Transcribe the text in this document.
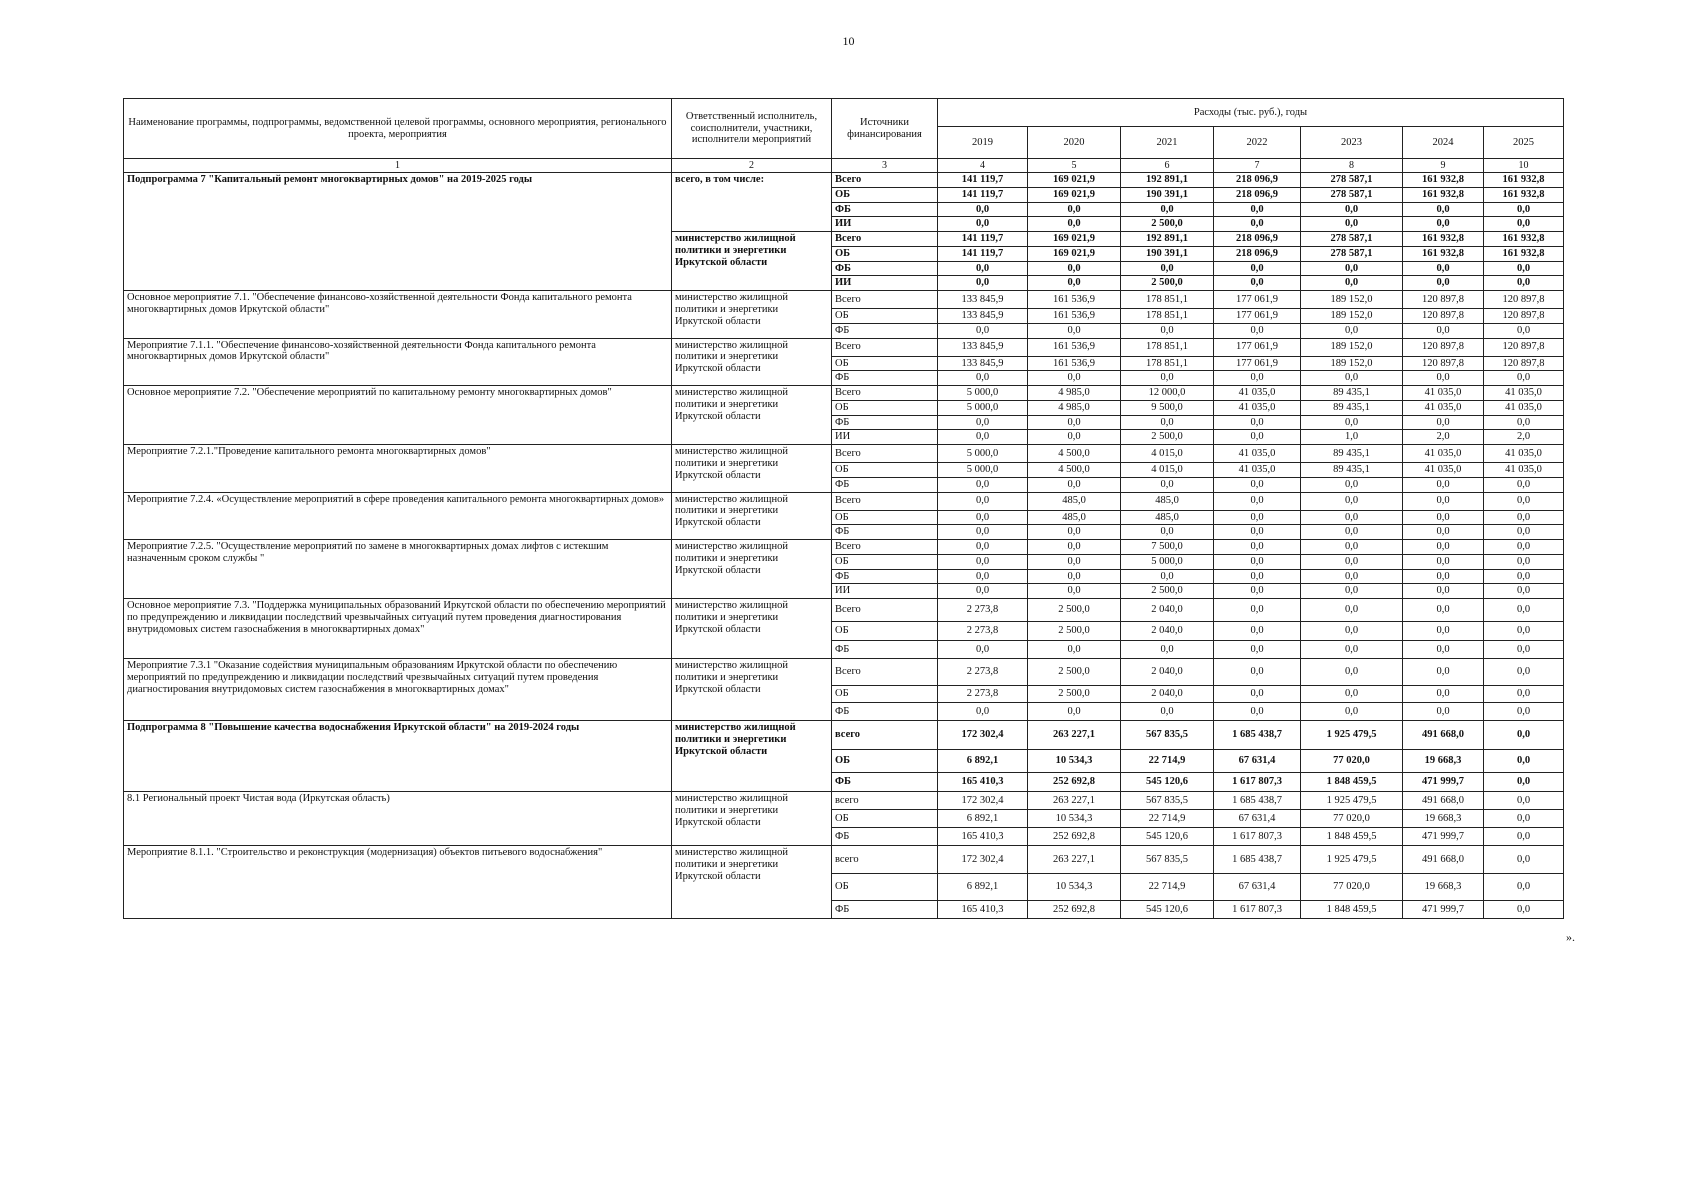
10
Наименование программы, подпрограммы, ведомственной целевой программы, основного мероприятия, регионального проекта, мероприятия	Ответственный исполнитель, соисполнители, участники, исполнители мероприятий	Источники финансирования	Расходы (тыс. руб.), годы						
			2019	2020	2021	2022	2023	2024	2025
1	2	3	4	5	6	7	8	9	10
Подпрограмма 7 "Капитальный ремонт многоквартирных домов" на 2019-2025 годы	всего, в том числе:	Всего	141 119,7	169 021,9	192 891,1	218 096,9	278 587,1	161 932,8	161 932,8
		ОБ	141 119,7	169 021,9	190 391,1	218 096,9	278 587,1	161 932,8	161 932,8
		ФБ	0,0	0,0	0,0	0,0	0,0	0,0	0,0
		ИИ	0,0	0,0	2 500,0	0,0	0,0	0,0	0,0
	министерство жилищной политики и энергетики Иркутской области	Всего	141 119,7	169 021,9	192 891,1	218 096,9	278 587,1	161 932,8	161 932,8
		ОБ	141 119,7	169 021,9	190 391,1	218 096,9	278 587,1	161 932,8	161 932,8
		ФБ	0,0	0,0	0,0	0,0	0,0	0,0	0,0
		ИИ	0,0	0,0	2 500,0	0,0	0,0	0,0	0,0
Основное мероприятие 7.1. "Обеспечение финансово-хозяйственной деятельности Фонда капитального ремонта многоквартирных домов Иркутской области"	министерство жилищной политики и энергетики Иркутской области	Всего	133 845,9	161 536,9	178 851,1	177 061,9	189 152,0	120 897,8	120 897,8
		ОБ	133 845,9	161 536,9	178 851,1	177 061,9	189 152,0	120 897,8	120 897,8
		ФБ	0,0	0,0	0,0	0,0	0,0	0,0	0,0
Мероприятие 7.1.1. "Обеспечение финансово-хозяйственной деятельности Фонда капитального ремонта многоквартирных домов Иркутской области"	министерство жилищной политики и энергетики Иркутской области	Всего	133 845,9	161 536,9	178 851,1	177 061,9	189 152,0	120 897,8	120 897,8
		ОБ	133 845,9	161 536,9	178 851,1	177 061,9	189 152,0	120 897,8	120 897,8
		ФБ	0,0	0,0	0,0	0,0	0,0	0,0	0,0
Основное мероприятие 7.2. "Обеспечение мероприятий по капитальному ремонту многоквартирных домов"	министерство жилищной политики и энергетики Иркутской области	Всего	5 000,0	4 985,0	12 000,0	41 035,0	89 435,1	41 035,0	41 035,0
		ОБ	5 000,0	4 985,0	9 500,0	41 035,0	89 435,1	41 035,0	41 035,0
		ФБ	0,0	0,0	0,0	0,0	0,0	0,0	0,0
		ИИ	0,0	0,0	2 500,0	0,0	1,0	2,0	2,0
Мероприятие 7.2.1."Проведение капитального ремонта многоквартирных домов"	министерство жилищной политики и энергетики Иркутской области	Всего	5 000,0	4 500,0	4 015,0	41 035,0	89 435,1	41 035,0	41 035,0
		ОБ	5 000,0	4 500,0	4 015,0	41 035,0	89 435,1	41 035,0	41 035,0
		ФБ	0,0	0,0	0,0	0,0	0,0	0,0	0,0
Мероприятие 7.2.4. «Осуществление мероприятий в сфере проведения капитального ремонта многоквартирных домов»	министерство жилищной политики и энергетики Иркутской области	Всего	0,0	485,0	485,0	0,0	0,0	0,0	0,0
		ОБ	0,0	485,0	485,0	0,0	0,0	0,0	0,0
		ФБ	0,0	0,0	0,0	0,0	0,0	0,0	0,0
Мероприятие 7.2.5. "Осуществление мероприятий по замене в многоквартирных домах лифтов с истекшим назначенным сроком службы "	министерство жилищной политики и энергетики Иркутской области	Всего	0,0	0,0	7 500,0	0,0	0,0	0,0	0,0
		ОБ	0,0	0,0	5 000,0	0,0	0,0	0,0	0,0
		ФБ	0,0	0,0	0,0	0,0	0,0	0,0	0,0
		ИИ	0,0	0,0	2 500,0	0,0	0,0	0,0	0,0
Основное мероприятие 7.3. "Поддержка муниципальных образований Иркутской области по обеспечению мероприятий по предупреждению и ликвидации последствий чрезвычайных ситуаций путем проведения диагностирования внутридомовых систем газоснабжения в многоквартирных домах"	министерство жилищной политики и энергетики Иркутской области	Всего	2 273,8	2 500,0	2 040,0	0,0	0,0	0,0	0,0
		ОБ	2 273,8	2 500,0	2 040,0	0,0	0,0	0,0	0,0
		ФБ	0,0	0,0	0,0	0,0	0,0	0,0	0,0
Мероприятие 7.3.1 "Оказание содействия муниципальным образованиям Иркутской области по обеспечению мероприятий по предупреждению и ликвидации последствий чрезвычайных ситуаций путем проведения диагностирования внутридомовых систем газоснабжения в многоквартирных домах"	министерство жилищной политики и энергетики Иркутской области	Всего	2 273,8	2 500,0	2 040,0	0,0	0,0	0,0	0,0
		ОБ	2 273,8	2 500,0	2 040,0	0,0	0,0	0,0	0,0
		ФБ	0,0	0,0	0,0	0,0	0,0	0,0	0,0
Подпрограмма 8 "Повышение качества водоснабжения Иркутской области" на 2019-2024 годы	министерство жилищной политики и энергетики Иркутской области	всего	172 302,4	263 227,1	567 835,5	1 685 438,7	1 925 479,5	491 668,0	0,0
		ОБ	6 892,1	10 534,3	22 714,9	67 631,4	77 020,0	19 668,3	0,0
		ФБ	165 410,3	252 692,8	545 120,6	1 617 807,3	1 848 459,5	471 999,7	0,0
8.1 Региональный проект Чистая вода (Иркутская область)	министерство жилищной политики и энергетики Иркутской области	всего	172 302,4	263 227,1	567 835,5	1 685 438,7	1 925 479,5	491 668,0	0,0
		ОБ	6 892,1	10 534,3	22 714,9	67 631,4	77 020,0	19 668,3	0,0
		ФБ	165 410,3	252 692,8	545 120,6	1 617 807,3	1 848 459,5	471 999,7	0,0
Мероприятие 8.1.1. "Строительство и реконструкция (модернизация) объектов питьевого водоснабжения"	министерство жилищной политики и энергетики Иркутской области	всего	172 302,4	263 227,1	567 835,5	1 685 438,7	1 925 479,5	491 668,0	0,0
		ОБ	6 892,1	10 534,3	22 714,9	67 631,4	77 020,0	19 668,3	0,0
		ФБ	165 410,3	252 692,8	545 120,6	1 617 807,3	1 848 459,5	471 999,7	0,0
».
